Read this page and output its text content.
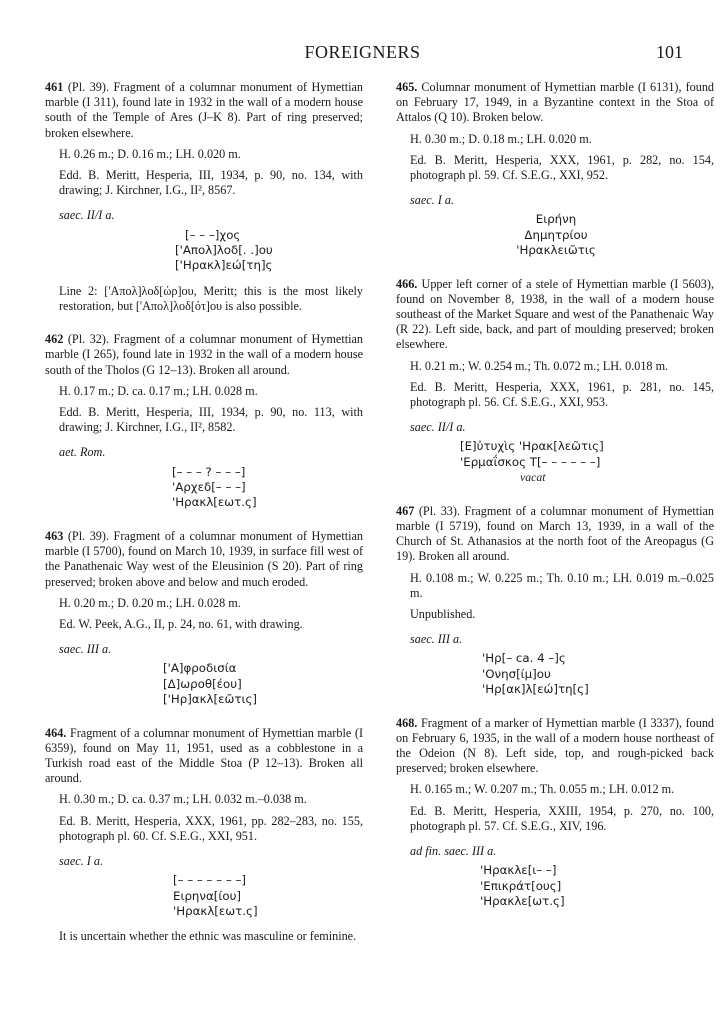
FOREIGNERS	101

461 (Pl. 39). Fragment of a columnar monument of Hymettian marble (I 311), found late in 1932 in the wall of a modern house south of the Temple of Ares (J–K 8). Part of ring preserved; broken elsewhere.

H. 0.26 m.; D. 0.16 m.; LH. 0.020 m.

Edd. B. Meritt, Hesperia, III, 1934, p. 90, no. 134, with drawing; J. Kirchner, I.G., II², 8567.

saec. II/I a.

[– – –]χος
['Απολ]λοδ[. .]ου
['Ηρακλ]εώ[τη]ς

Line 2: ['Απολ]λοδ[ώρ]ου, Meritt; this is the most likely restoration, but ['Απολ]λοδ[ότ]ου is also possible.

462 (Pl. 32). Fragment of a columnar monument of Hymettian marble (I 265), found late in 1932 in the wall of a modern house south of the Tholos (G 12–13). Broken all around.

H. 0.17 m.; D. ca. 0.17 m.; LH. 0.028 m.

Edd. B. Meritt, Hesperia, III, 1934, p. 90, no. 113, with drawing; J. Kirchner, I.G., II², 8582.

aet. Rom.

[– – – ? – – –]
'Αρχεδ[– – –]
'Ηρακλ[εωτ.ς]

463 (Pl. 39). Fragment of a columnar monument of Hymettian marble (I 5700), found on March 10, 1939, in surface fill west of the Panathenaic Way west of the Eleusinion (S 20). Part of ring preserved; broken above and below and much eroded.

H. 0.20 m.; D. 0.20 m.; LH. 0.028 m.

Ed. W. Peek, A.G., II, p. 24, no. 61, with drawing.

saec. III a.

['Α]φροδισία
[Δ]ωροθ[έου]
['Ηρ]ακλ[εῶτις]

464. Fragment of a columnar monument of Hymettian marble (I 6359), found on May 11, 1951, used as a cobblestone in a Turkish road east of the Middle Stoa (P 12–13). Broken all around.

H. 0.30 m.; D. ca. 0.37 m.; LH. 0.032 m.–0.038 m.

Ed. B. Meritt, Hesperia, XXX, 1961, pp. 282–283, no. 155, photograph pl. 60. Cf. S.E.G., XXI, 951.

saec. I a.

[– – – – – – –]
Ειρηνα[ίου]
'Ηρακλ[εωτ.ς]

It is uncertain whether the ethnic was masculine or feminine.

465. Columnar monument of Hymettian marble (I 6131), found on February 17, 1949, in a Byzantine context in the Stoa of Attalos (Q 10). Broken below.

H. 0.30 m.; D. 0.18 m.; LH. 0.020 m.

Ed. B. Meritt, Hesperia, XXX, 1961, p. 282, no. 154, photograph pl. 59. Cf. S.E.G., XXI, 952.

saec. I a.

Ειρήνη
Δημητρίου
'Ηρακλειῶτις

466. Upper left corner of a stele of Hymettian marble (I 5603), found on November 8, 1938, in the wall of a modern house southeast of the Market Square and west of the Panathenaic Way (R 22). Left side, back, and part of moulding preserved; broken elsewhere.

H. 0.21 m.; W. 0.254 m.; Th. 0.072 m.; LH. 0.018 m.

Ed. B. Meritt, Hesperia, XXX, 1961, p. 281, no. 145, photograph pl. 56. Cf. S.E.G., XXI, 953.

saec. II/I a.

[Ε]ὐτυχὶς 'Ηρακ[λεῶτις]
'Ερμαΐσκος Τ[– – – – – –]
vacat

467 (Pl. 33). Fragment of a columnar monument of Hymettian marble (I 5719), found on March 13, 1939, in a wall of the Church of St. Athanasios at the north foot of the Areopagus (G 19). Broken all around.

H. 0.108 m.; W. 0.225 m.; Th. 0.10 m.; LH. 0.019 m.–0.025 m.

Unpublished.

saec. III a.

'Ηρ[– ca. 4 –]ς
'Ονησ[ίμ]ου
'Ηρ[ακ]λ[εώ]τη[ς]

468. Fragment of a marker of Hymettian marble (I 3337), found on February 6, 1935, in the wall of a modern house northeast of the Odeion (N 8). Left side, top, and rough-picked back preserved; broken elsewhere.

H. 0.165 m.; W. 0.207 m.; Th. 0.055 m.; LH. 0.012 m.

Ed. B. Meritt, Hesperia, XXIII, 1954, p. 270, no. 100, photograph pl. 57. Cf. S.E.G., XIV, 196.

ad fin. saec. III a.

'Ηρακλε[ι– –]
'Επικράτ[ους]
'Ηρακλε[ωτ.ς]
